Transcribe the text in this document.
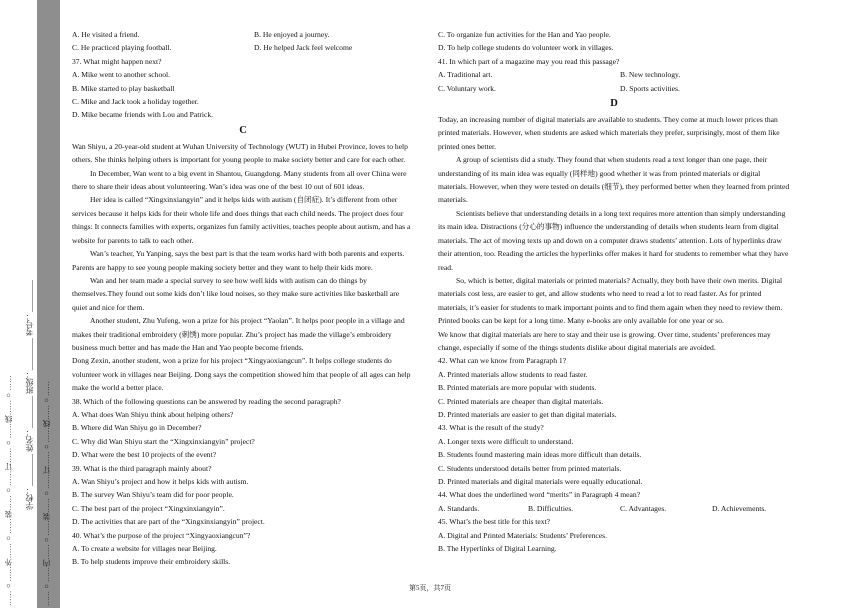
……○……外……○……装……○……订……○……线……○…… 学校：________ 姓名：________ 班级：________ 考号：________ ……○……内……○……装……○……订……○……线……○……
A. He visited a friend.	B. He enjoyed a journey.
C. He practiced playing football.	D. He helped Jack feel welcome

37. What might happen next?

A. Mike went to another school.

B. Mike started to play basketball

C. Mike and Jack took a holiday together.

D. Mike became friends with Lou and Patrick.

C

Wan Shiyu, a 20-year-old student at Wuhan University of Technology (WUT) in Hubei Province, loves to help others. She thinks helping others is important for young people to make society better and care for each other.

In December, Wan went to a big event in Shantou, Guangdong. Many students from all over China were there to share their ideas about volunteering. Wan’s idea was one of the best 10 out of 601 ideas.

Her idea is called “Xingxinxiangyin” and it helps kids with autism (自闭症). It’s different from other services because it helps kids for their whole life and does things that each child needs. The project does four things: It connects families with experts, organizes fun family activities, teaches people about autism, and has a website for parents to talk to each other.

Wan’s teacher, Yu Yanping, says the best part is that the team works hard with both parents and experts. Parents are happy to see young people making society better and they want to help their kids more.

Wan and her team made a special survey to see how well kids with autism can do things by themselves.They found out some kids don’t like loud noises, so they make sure activities like basketball are quiet and nice for them.

Another student, Zhu Yufeng, won a prize for his project “Yaolan”. It helps poor people in a village and makes their traditional embroidery (刺绣) more popular. Zhu’s project has made the village’s embroidery business much better and has made the Han and Yao people become friends.

Dong Zexin, another student, won a prize for his project “Xingyaoxiangcun”. It helps college students do volunteer work in villages near Beijing. Dong says the competition showed him that people of all ages can help make the world a better place.

38. Which of the following questions can be answered by reading the second paragraph?

A. What does Wan Shiyu think about helping others?

B. Where did Wan Shiyu go in December?

C. Why did Wan Shiyu start the “Xingxinxiangyin” project?

D. What were the best 10 projects of the event?

39. What is the third paragraph mainly about?

A. Wan Shiyu’s project and how it helps kids with autism.

B. The survey Wan Shiyu’s team did for poor people.

C. The best part of the project “Xingxinxiangyin”.

D. The activities that are part of the “Xingxinxiangyin” project.

40. What’s the purpose of the project “Xingyaoxiangcun”?

A. To create a website for villages near Beijing.

B. To help students improve their embroidery skills.

C. To organize fun activities for the Han and Yao people.

D. To help college students do volunteer work in villages.

41. In which part of a magazine may you read this passage?

A. Traditional art.	B. New technology.
C. Voluntary work.	D. Sports activities.
D

Today, an increasing number of digital materials are available to students. They come at much lower prices than printed materials. However, when students are asked which materials they prefer, surprisingly, most of them like printed ones better.

A group of scientists did a study. They found that when students read a text longer than one page, their understanding of its main idea was equally (同样地) good whether it was from printed materials or digital materials. However, when they were tested on details (细节), they performed better when they learned from printed materials.

Scientists believe that understanding details in a long text requires more attention than simply understanding its main idea. Distractions (分心的事物) influence the understanding of details when students learn from digital materials. The act of moving texts up and down on a computer draws students’ attention. Lots of hyperlinks draw their attention, too. Reading the articles the hyperlinks offer makes it hard for students to remember what they have read.

So, which is better, digital materials or printed materials? Actually, they both have their own merits. Digital materials cost less, are easier to get, and allow students who need to read a lot to read faster. As for printed materials, it’s easier for students to mark important points and to find them again when they need to review them. Printed books can be kept for a long time. Many e-books are only available for one year or so.

We know that digital materials are here to stay and their use is growing. Over time, students’ preferences may change, especially if some of the things students dislike about digital materials are avoided.

42. What can we know from Paragraph 1?

A. Printed materials allow students to read faster.

B. Printed materials are more popular with students.

C. Printed materials are cheaper than digital materials.

D. Printed materials are easier to get than digital materials.

43. What is the result of the study?

A. Longer texts were difficult to understand.

B. Students found mastering main ideas more difficult than details.

C. Students understood details better from printed materials.

D. Printed materials and digital materials were equally educational.

44. What does the underlined word “merits” in Paragraph 4 mean?

A. Standards.	B. Difficulties.	C. Advantages.	D. Achievements.

45. What’s the best title for this text?

A. Digital and Printed Materials: Students’ Preferences.

B. The Hyperlinks of Digital Learning.

第5页，共7页
